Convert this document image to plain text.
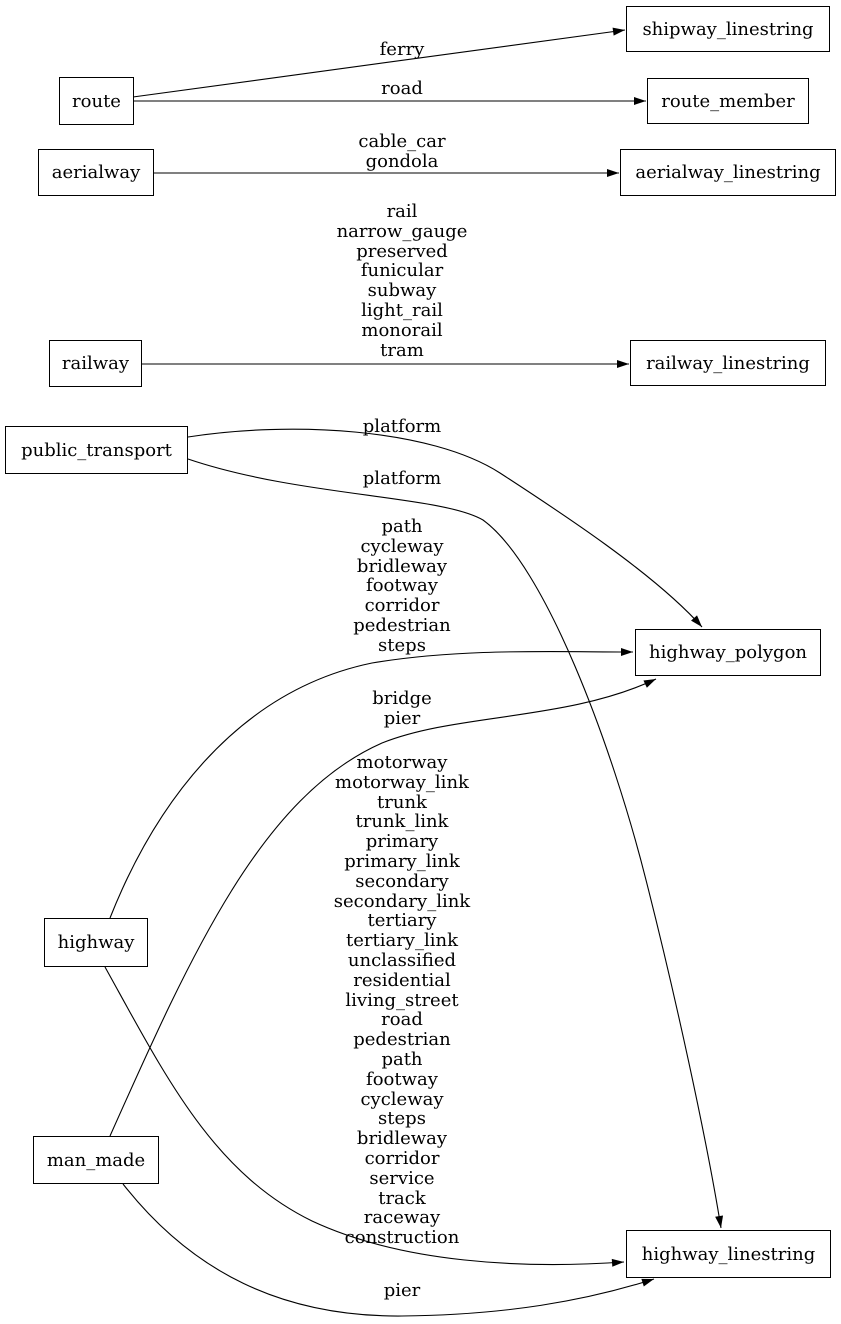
route
aerialway
railway
public_transport
highway
man_made
shipway_linestring
route_member
aerialway_linestring
railway_linestring
highway_polygon
highway_linestring
ferry
road
cable_car
gondola
rail
narrow_gauge
preserved
funicular
subway
light_rail
monorail
tram
platform
platform
path
cycleway
bridleway
footway
corridor
pedestrian
steps
bridge
pier
motorway
motorway_link
trunk
trunk_link
primary
primary_link
secondary
secondary_link
tertiary
tertiary_link
unclassified
residential
living_street
road
pedestrian
path
footway
cycleway
steps
bridleway
corridor
service
track
raceway
construction
pier
